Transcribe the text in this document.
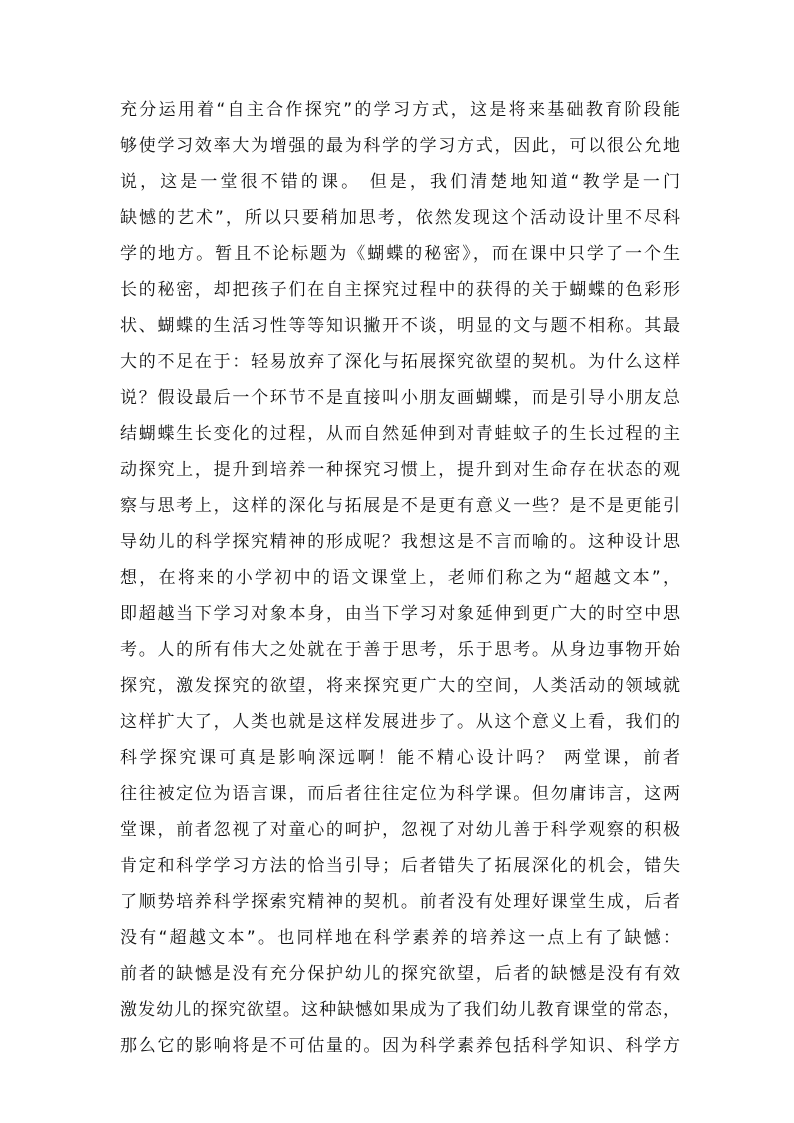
充分运用着“自主合作探究”的学习方式，这是将来基础教育阶段能
够使学习效率大为增强的最为科学的学习方式，因此，可以很公允地
说，这是一堂很不错的课。 但是，我们清楚地知道“教学是一门
缺憾的艺术”，所以只要稍加思考，依然发现这个活动设计里不尽科
学的地方。暂且不论标题为《蝴蝶的秘密》，而在课中只学了一个生
长的秘密，却把孩子们在自主探究过程中的获得的关于蝴蝶的色彩形
状、蝴蝶的生活习性等等知识撇开不谈，明显的文与题不相称。其最
大的不足在于：轻易放弃了深化与拓展探究欲望的契机。为什么这样
说？假设最后一个环节不是直接叫小朋友画蝴蝶，而是引导小朋友总
结蝴蝶生长变化的过程，从而自然延伸到对青蛙蚊子的生长过程的主
动探究上，提升到培养一种探究习惯上，提升到对生命存在状态的观
察与思考上，这样的深化与拓展是不是更有意义一些？是不是更能引
导幼儿的科学探究精神的形成呢？我想这是不言而喻的。这种设计思
想，在将来的小学初中的语文课堂上，老师们称之为“超越文本”，
即超越当下学习对象本身，由当下学习对象延伸到更广大的时空中思
考。人的所有伟大之处就在于善于思考，乐于思考。从身边事物开始
探究，激发探究的欲望，将来探究更广大的空间，人类活动的领域就
这样扩大了，人类也就是这样发展进步了。从这个意义上看，我们的
科学探究课可真是影响深远啊！能不精心设计吗？ 两堂课，前者
往往被定位为语言课，而后者往往定位为科学课。但勿庸讳言，这两
堂课，前者忽视了对童心的呵护，忽视了对幼儿善于科学观察的积极
肯定和科学学习方法的恰当引导；后者错失了拓展深化的机会，错失
了顺势培养科学探索究精神的契机。前者没有处理好课堂生成，后者
没有“超越文本”。也同样地在科学素养的培养这一点上有了缺憾：
前者的缺憾是没有充分保护幼儿的探究欲望，后者的缺憾是没有有效
激发幼儿的探究欲望。这种缺憾如果成为了我们幼儿教育课堂的常态，
那么它的影响将是不可估量的。因为科学素养包括科学知识、科学方
